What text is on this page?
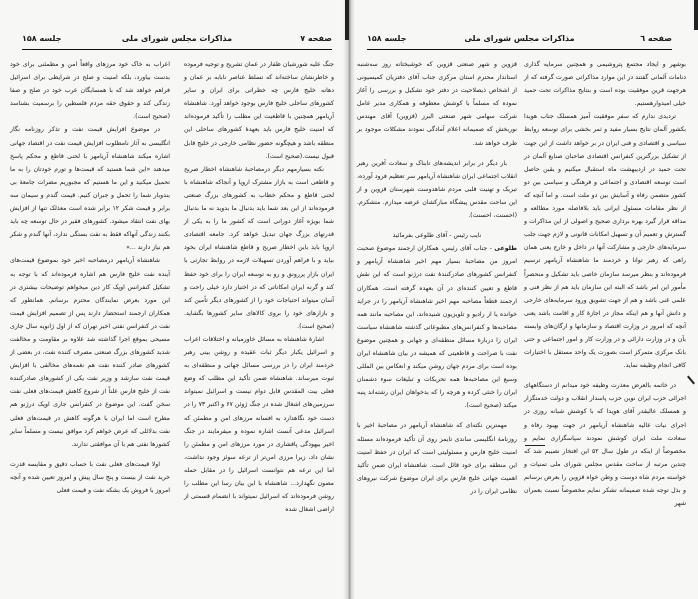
صفحه ۷
مذاکرات مجلس شورای ملی
جلسه ۱۵۸

جنگ علیه شورشیان ظفار در عمان تشریح و توجیه فرموده و خاطرنشان ساخته‌اند که تسلط عناصر نابابه بر عمان و دهانه خلیج فارس چه خطراتی برای ایران و سایر کشورهای ساحلی خلیج فارس بوجود خواهد آورد. شاهنشاه آریامهر همچنین با قاطعیت این مطلب را تأکید فرموده‌اند که امنیت خلیج فارس باید بعهدهٔ کشورهای ساحلی این منطقه باشد و هیچگونه حضور نظامی خارجی در خلیج قابل قبول نیست.(صحیح است).

نکته بسیارمهم دیگر درمصاحبهٔ شاهنشاه اخطار صریح و قاطعی است به بازار مشترک اروپا و آنجاکه شاهنشاه با لحنی قاطع و محکم خطاب به کشورهای بزرگ صنعتی فرموده‌اند از این بعد شما باید بدنبال ما بدوید نه ما بدنبال شما بویژه آغاز دورانی است که کشور ما را به یکی از قدرتهای بزرگ جهان تبدیل خواهد کرد. جامعه اقتصادی اروپا باید باین اخطار صریح و قاطع شاهنشاه ایران بخود بیاید و با فراهم آوردن تسهیلات لازمه در روابط تجارتی با ایران بازار پررونق و رو به توسعه ایران را برای خود حفظ کند و گرنه ایران امکاناتی که در اختیار دارد خیلی راحت و آسان میتواند احتیاجات خود را از کشورهای دیگر تأمین کند و بازارهای خود را بروی کالاهای سایر کشورها بگشاید. (صحیح است).

اشارهٔ شاهنشاه به مسائل خاورمیانه و اختلافات اعراب و اسرائیل یکبار دیگر ثبات عقیده و روشن بینی رهبر خردمند ایران را در بررسی مسائل جهانی و منطقه‌ای به ثبوت میرساند. شاهنشاه ضمن تأکید این مطلب که وضع فعلی بیت المقدس قابل دوام نیست و اسرائیل نمیتواند سرزمین‌های اشغال شده در جنگ ژوئن ۶۷ و اکتبر ۷۳ را در دست خود نگاهدارد به افسانه مرزهای امن و مطمئن که اسرائیل مدعی آنست اشاره نموده و میفرمایند در جنگ اخیر بیهودگی پافشاری در مورد مرزهای امن و مطمئن را نشان داد، زیرا مرزی امن‌تر از ترعه سوئز وجود نداشت، اما این ترعه هم نتوانست اسرائیل را در مقابل حمله مصون نگهدارد... شاهنشاه با این بیان رسا این مطلب را روشن فرموده‌اند که اسرائیل نمیتواند با انضمام قسمتی از اراضی اشغال شده

اعراب به خاک خود مرزهای واقعاً امن و مطمئنی برای خود بدست بیاورد، بلکه امنیت و صلح در شرایطی برای اسرائیل فراهم خواهد شد که با همسایگان عرب خود در صلح و صفا زندگی کند و حقوق حقه مردم فلسطین را برسمیت بشناسد (صحیح است).

در موضوع افزایش قیمت نفت و تذکر روزنامه نگار انگلیسی به آثار نامطلوب افزایش قیمت نفت در اقتصاد جهانی اشاره میکند شاهنشاه آریامهر با لحنی قاطع و محکم پاسخ میدهند «این شما هستید که قیمت‌ها و تورم خودتان را به ما تحمیل میکنید و این ما هستیم که مجبوریم مضرات جامعهٔ بی بندوبار شما را تحمل و جبران کنیم. قیمت گندم و سیمان سه برابر و قیمت شکر ۱۲ برابر شده است معذلک تنها از افزایش بهای نفت انتقاد میشود. کشورهای فقیر در حال توسعه چه باید بکنند زندگی آنهاکه فقط به نفت بستگی ندارد، آنها گندم و شکر هم نیاز دارند ...»

شاهنشاه آریامهر درمصاحبه اخیر خود بموضوع قیمت‌های آینده نفت خلیج فارس هم اشاره فرموده‌اند که با توجه به تشکیل کنفرانس اوپک کار دین میخواهم توضیحات بیشتری در این مورد بعرض نمایندگان محترم برسانم. همانطور که همکاران ارجمند استحضار دارند پس از تصمیم افزایش قیمت نفت در کنفرانس نفتی اخیر تهران که از اول ژانویه سال جاری مسیحی بموقع اجرا گذاشته شد علاوه بر مقاومت و مخالفت شدید کشورهای بزرگ صنعتی مصرف کننده نفت، در بعضی از کشورهای صادر کننده نفت هم نغمه‌های مخالفی با افزایش قیمت نفت سازشد و وزیر نفت یکی از کشورهای صادرکننده نفت از خلیج فارس علناً از شروع کاهش قیمت‌های فعلی نفت سخن گفت. این موضوع در کنفرانس جاری اوپک درژنو هم مطرح است اما ایران با هرگونه کاهش در قیمت‌های فعلی نفت بدلائلی که عرض خواهم کرد موافق نیست و مسلماً سایر کشورها نفتی هم با آن موافقتی ندارند.

اولا قیمت‌های فعلی نفت با حساب دقیق و مقایسه قدرت خرید نفت از بیست و پنج سال پیش و امروز تعیین شده و آنچه امروز با فروش یک بشکه نفت و قیمت فعلی

صفحه ٦
مذاکرات مجلس شورای ملی
جلسه ۱۵۸

بوشهر و ایجاد مجتمع پتروشیمی و همچنین سرمایه گذاری دنامات آلمانی گفتند در این موارد مذاکراتی صورت گرفته که از هرجهت قرین موفقیت بوده است و بنتایج مذاکرات تحت حمید خیلی امیدوارهستیم.

تردیدی ندارم که سفر موفقیت آمیز همسلک جناب هویدا بکشور آلمان نتایج بسیار مفید و ثمر بخشی برای توسعه روابط سیاسی و اقتصادی و فنی ایران در بر خواهد داشت از این جهت از تشکیل بزرگترین کنفرانس اقتصادی صاحبان صنایع آلمان در تحت حمید در اردیبهشت ماه استقبال میکنیم و یقین حاصل است توسعه اقتصادی و اجتماعی و فرهنگی و سیاسی بین دو کشور متضمن رفاه و آسایش بین دو ملت است. و اما آنچه که از نظر مقامات مسئول ایرانی باید بلافاصله مورد مطالعه و مداقه قرار گیرد بهره برداری صحیح و اصولی از این مذاکرات و گسترش و تعمیم آن و تسهیل امکانات قانونی و لازم جهت جلب سرمایه‌های خارجی و مشارکت آنها در داخل و خارج یعنی همان راهی که رهبر توانا و خردمند ما شاهنشاه آریامهر ترسیم فرموده‌اند و بنظر میرسد سازمان خاصی باید تشکیل و منحصراً مأمور این امر باشد که البته این سازمان باید هم از نظر فنی و علمی غنی باشد و هم از جهت تشویق ورود سرمایه‌های خارجی و دانش آنها و هم اینکه مجاز در اجازهٔ کار و اقامت باشد یعنی آنچه که امروز در وزارت اقتصاد و سازمانها و ارگان‌های وابسته بآن و در وزارت دارائی و در وزارت کار و امور اجتماعی و حتی بانک مرکزی متمرکز است بصورت یک واحد مستقل با اختیارات کافی انجام وظیفه نماید.

در خاتمه بالعرض معذرت وظیفه خود میدانم از دستگاههای اجرائی حزب ایران نوین حزب پاسدار انقلاب و دولت خدمتگزار و همسلک عالیقدر آقای هویدا که با کوشش شبانه روزی در اجرای نیات عالیه شاهنشاه آریامهر در جهت بهبود رفاه و سعادت ملت ایران کوشش نمودند سپاسگزاری نمایم و مخصوصاً از اینکه در طول سال ۵۲ این افتخار نصیبم شد که چندین مرتبه از ساحت مقدس مجلس شورای ملی تمنیات و خواسته مردم شاه دوست و وطن خواه قزوین را بعرض برسانم و بذل توجه شده صمیمانه تشکر نمایم مخصوصاً نسبت بعمران شهر

قزوین و شهر صنعتی قزوین که خوشبختانه روز سه‌شنبه استاندار محترم استان مرکزی جناب آقای دفتریان کمیسیونی از اشخاص ذیصلاحیت در دفتر خود تشکیل و بررسی را آغاز نموده که مسلماً با کوشش معطوفه و همکاری مدیر عامل شرکت سهامی شهر صنعتی البرز (قزوین) آقای مهندس نوربخش که صمیمانه اعلام آمادگی نمودند مشکلات موجود بر طرف خواهد شد.

بار دیگر در برابر اندیشه‌های تابناک و سعادت آفرین رهبر انقلاب اجتماعی ایران شاهنشاه آریامهر سر تعظیم فرود آورده، تبریک و تهنیت قلبی مردم شاهدوست شهرستان قزوین و از این ساحت مقدس پیشگاه مبارکشان عرضه میدارم. متشکرم. (احسنت، احسنت).

نایب رئیس - آقای طلوعی بفرمائید

طلوعی - جناب آقای رئیس، همکاران ارجمند موضوع صحبت امروز من مصاحبهٔ بسیار مهم اخیر شاهنشاه آریامهر و کنفرانس کشورهای صادرکنندهٔ نفت درژنو است که این نقش قاطع و تعیین کننده‌ای در آن بعهده گرفته است. همکاران ارجمند قطعاً مصاحبه مهم اخیر شاهنشاه آریامهر را در جراید خوانده یا از رادیو و تلویزیون شنیده‌اند، این مصاحبه مانند همه مصاحبه‌ها و کنفرانس‌های مطبوعاتی گذشته شاهنشاه سیاست ایران را دربارهٔ مسائل منطقه‌ای و جهانی و همچنین موضوع نفت با صراحت و قاطعیتی که همیشه در بیان شاهنشاه ایران بوده است برای مردم جهان روشن میکند و انعکاس بین المللی وسیع این مصاحبه‌ها همه تحریکات و تبلیغات سوء دشمنان ایران را خنثی کرده و هرچه را که بدخواهان ایران رشته‌اند پنبه میکند (صحیح است).

مهمترین نکته‌ای که شاهنشاه آریامهر در مصاحبهٔ اخیر با روزنامهٔ انگلیسی ساندی تایمز روی آن تأکید فرموده‌اند مسئله امنیت خلیج فارس و مسئولیتی است که ایران در حفظ امنیت این منطقه برای خود قائل است. شاهنشاه ایران ضمن تأکید اهمیت جهانی خلیج فارس برای ایران موضوع شرکت نیروهای نظامی ایران را در
